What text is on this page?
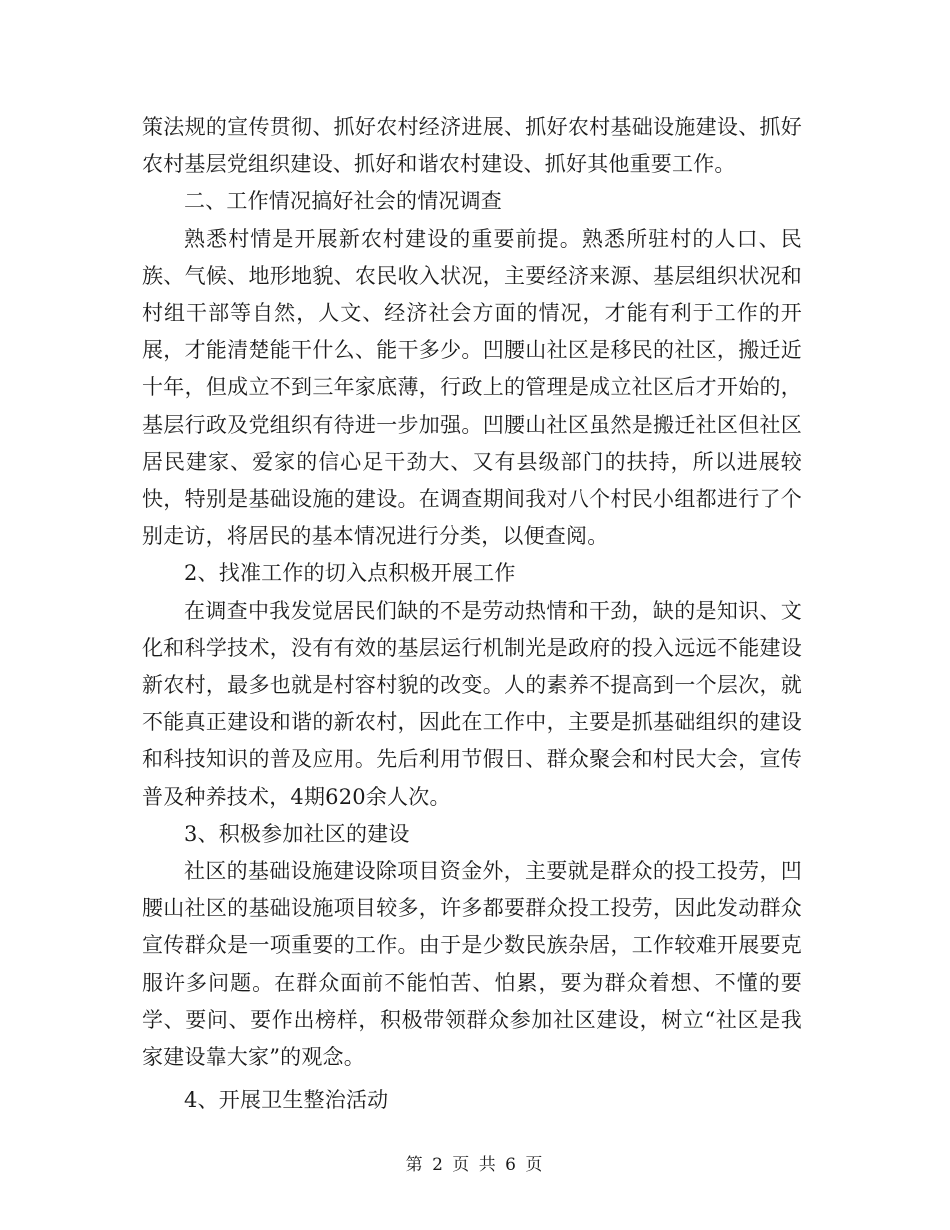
策法规的宣传贯彻、抓好农村经济进展、抓好农村基础设施建设、抓好农村基层党组织建设、抓好和谐农村建设、抓好其他重要工作。

二、工作情况搞好社会的情况调查

熟悉村情是开展新农村建设的重要前提。熟悉所驻村的人口、民族、气候、地形地貌、农民收入状况，主要经济来源、基层组织状况和村组干部等自然，人文、经济社会方面的情况，才能有利于工作的开展，才能清楚能干什么、能干多少。凹腰山社区是移民的社区，搬迁近十年，但成立不到三年家底薄，行政上的管理是成立社区后才开始的，基层行政及党组织有待进一步加强。凹腰山社区虽然是搬迁社区但社区居民建家、爱家的信心足干劲大、又有县级部门的扶持，所以进展较快，特别是基础设施的建设。在调查期间我对八个村民小组都进行了个别走访，将居民的基本情况进行分类，以便查阅。

2、找准工作的切入点积极开展工作

在调查中我发觉居民们缺的不是劳动热情和干劲，缺的是知识、文化和科学技术，没有有效的基层运行机制光是政府的投入远远不能建设新农村，最多也就是村容村貌的改变。人的素养不提高到一个层次，就不能真正建设和谐的新农村，因此在工作中，主要是抓基础组织的建设和科技知识的普及应用。先后利用节假日、群众聚会和村民大会，宣传普及种养技术，4期620余人次。

3、积极参加社区的建设

社区的基础设施建设除项目资金外，主要就是群众的投工投劳，凹腰山社区的基础设施项目较多，许多都要群众投工投劳，因此发动群众宣传群众是一项重要的工作。由于是少数民族杂居，工作较难开展要克服许多问题。在群众面前不能怕苦、怕累，要为群众着想、不懂的要学、要问、要作出榜样，积极带领群众参加社区建设，树立“社区是我家建设靠大家”的观念。

4、开展卫生整治活动

第 2 页 共 6 页
